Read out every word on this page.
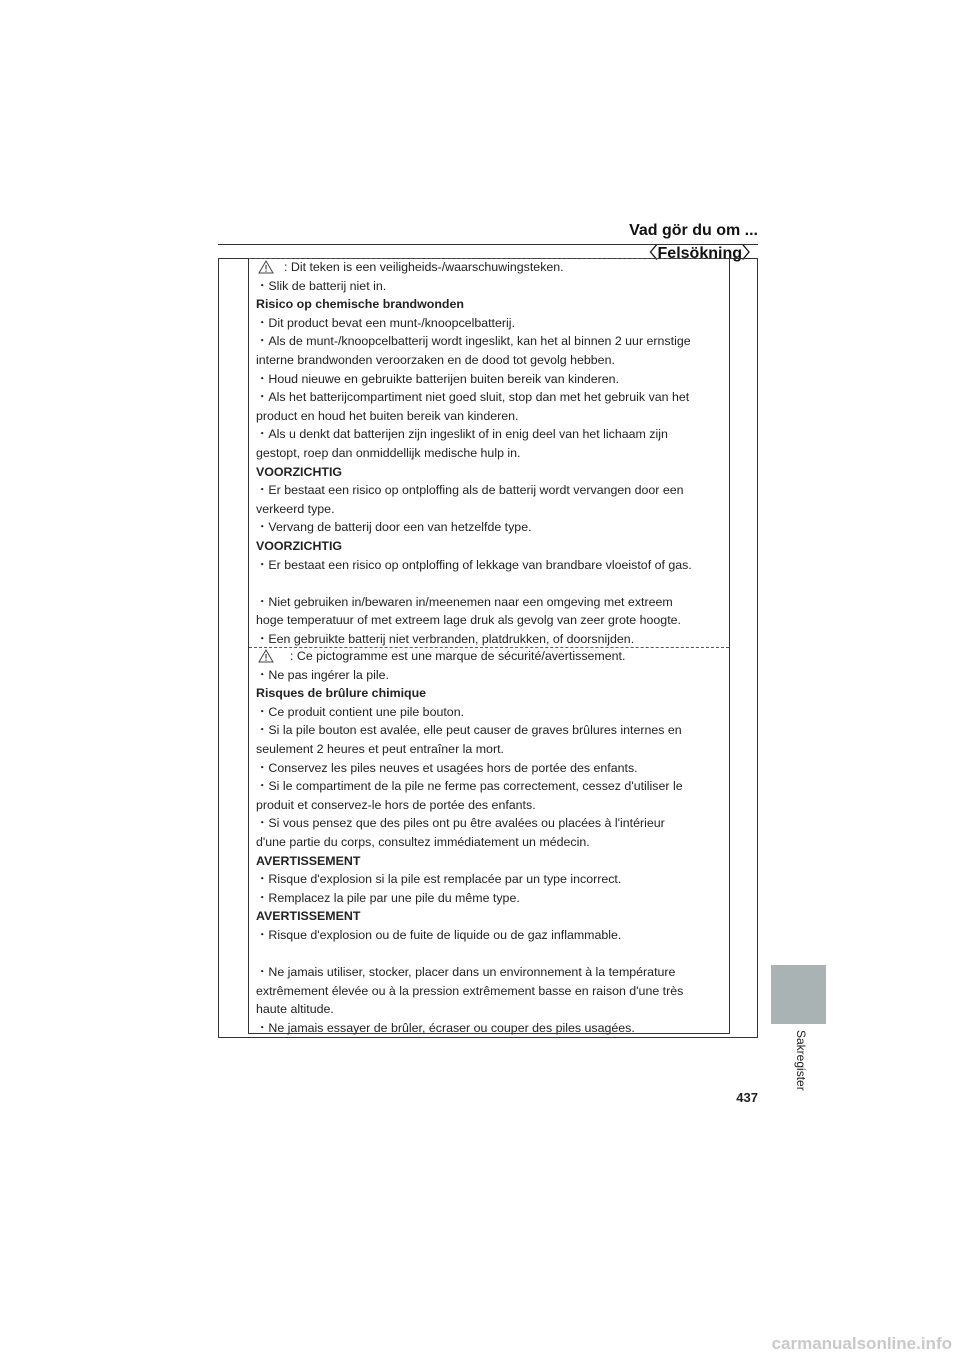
Vad gör du om ... 〈Felsökning〉
: Dit teken is een veiligheids-/waarschuwingsteken.
・Slik de batterij niet in.
Risico op chemische brandwonden
・Dit product bevat een munt-/knoopcelbatterij.
・Als de munt-/knoopcelbatterij wordt ingeslikt, kan het al binnen 2 uur ernstige
interne brandwonden veroorzaken en de dood tot gevolg hebben.
・Houd nieuwe en gebruikte batterijen buiten bereik van kinderen.
・Als het batterijcompartiment niet goed sluit, stop dan met het gebruik van het
product en houd het buiten bereik van kinderen.
・Als u denkt dat batterijen zijn ingeslikt of in enig deel van het lichaam zijn
gestopt, roep dan onmiddellijk medische hulp in.
VOORZICHTIG
・Er bestaat een risico op ontploffing als de batterij wordt vervangen door een
verkeerd type.
・Vervang de batterij door een van hetzelfde type.
VOORZICHTIG
・Er bestaat een risico op ontploffing of lekkage van brandbare vloeistof of gas.
・Niet gebruiken in/bewaren in/meenemen naar een omgeving met extreem
hoge temperatuur of met extreem lage druk als gevolg van zeer grote hoogte.
・Een gebruikte batterij niet verbranden, platdrukken, of doorsnijden.
: Ce pictogramme est une marque de sécurité/avertissement.
・Ne pas ingérer la pile.
Risques de brûlure chimique
・Ce produit contient une pile bouton.
・Si la pile bouton est avalée, elle peut causer de graves brûlures internes en
seulement 2 heures et peut entraîner la mort.
・Conservez les piles neuves et usagées hors de portée des enfants.
・Si le compartiment de la pile ne ferme pas correctement, cessez d'utiliser le
produit et conservez-le hors de portée des enfants.
・Si vous pensez que des piles ont pu être avalées ou placées à l'intérieur
d'une partie du corps, consultez immédiatement un médecin.
AVERTISSEMENT
・Risque d'explosion si la pile est remplacée par un type incorrect.
・Remplacez la pile par une pile du même type.
AVERTISSEMENT
・Risque d'explosion ou de fuite de liquide ou de gaz inflammable.
・Ne jamais utiliser, stocker, placer dans un environnement à la température
extrêmement élevée ou à la pression extrêmement basse en raison d'une très
haute altitude.
・Ne jamais essayer de brûler, écraser ou couper des piles usagées.
Sakregister
437
carmanualsonline.info
